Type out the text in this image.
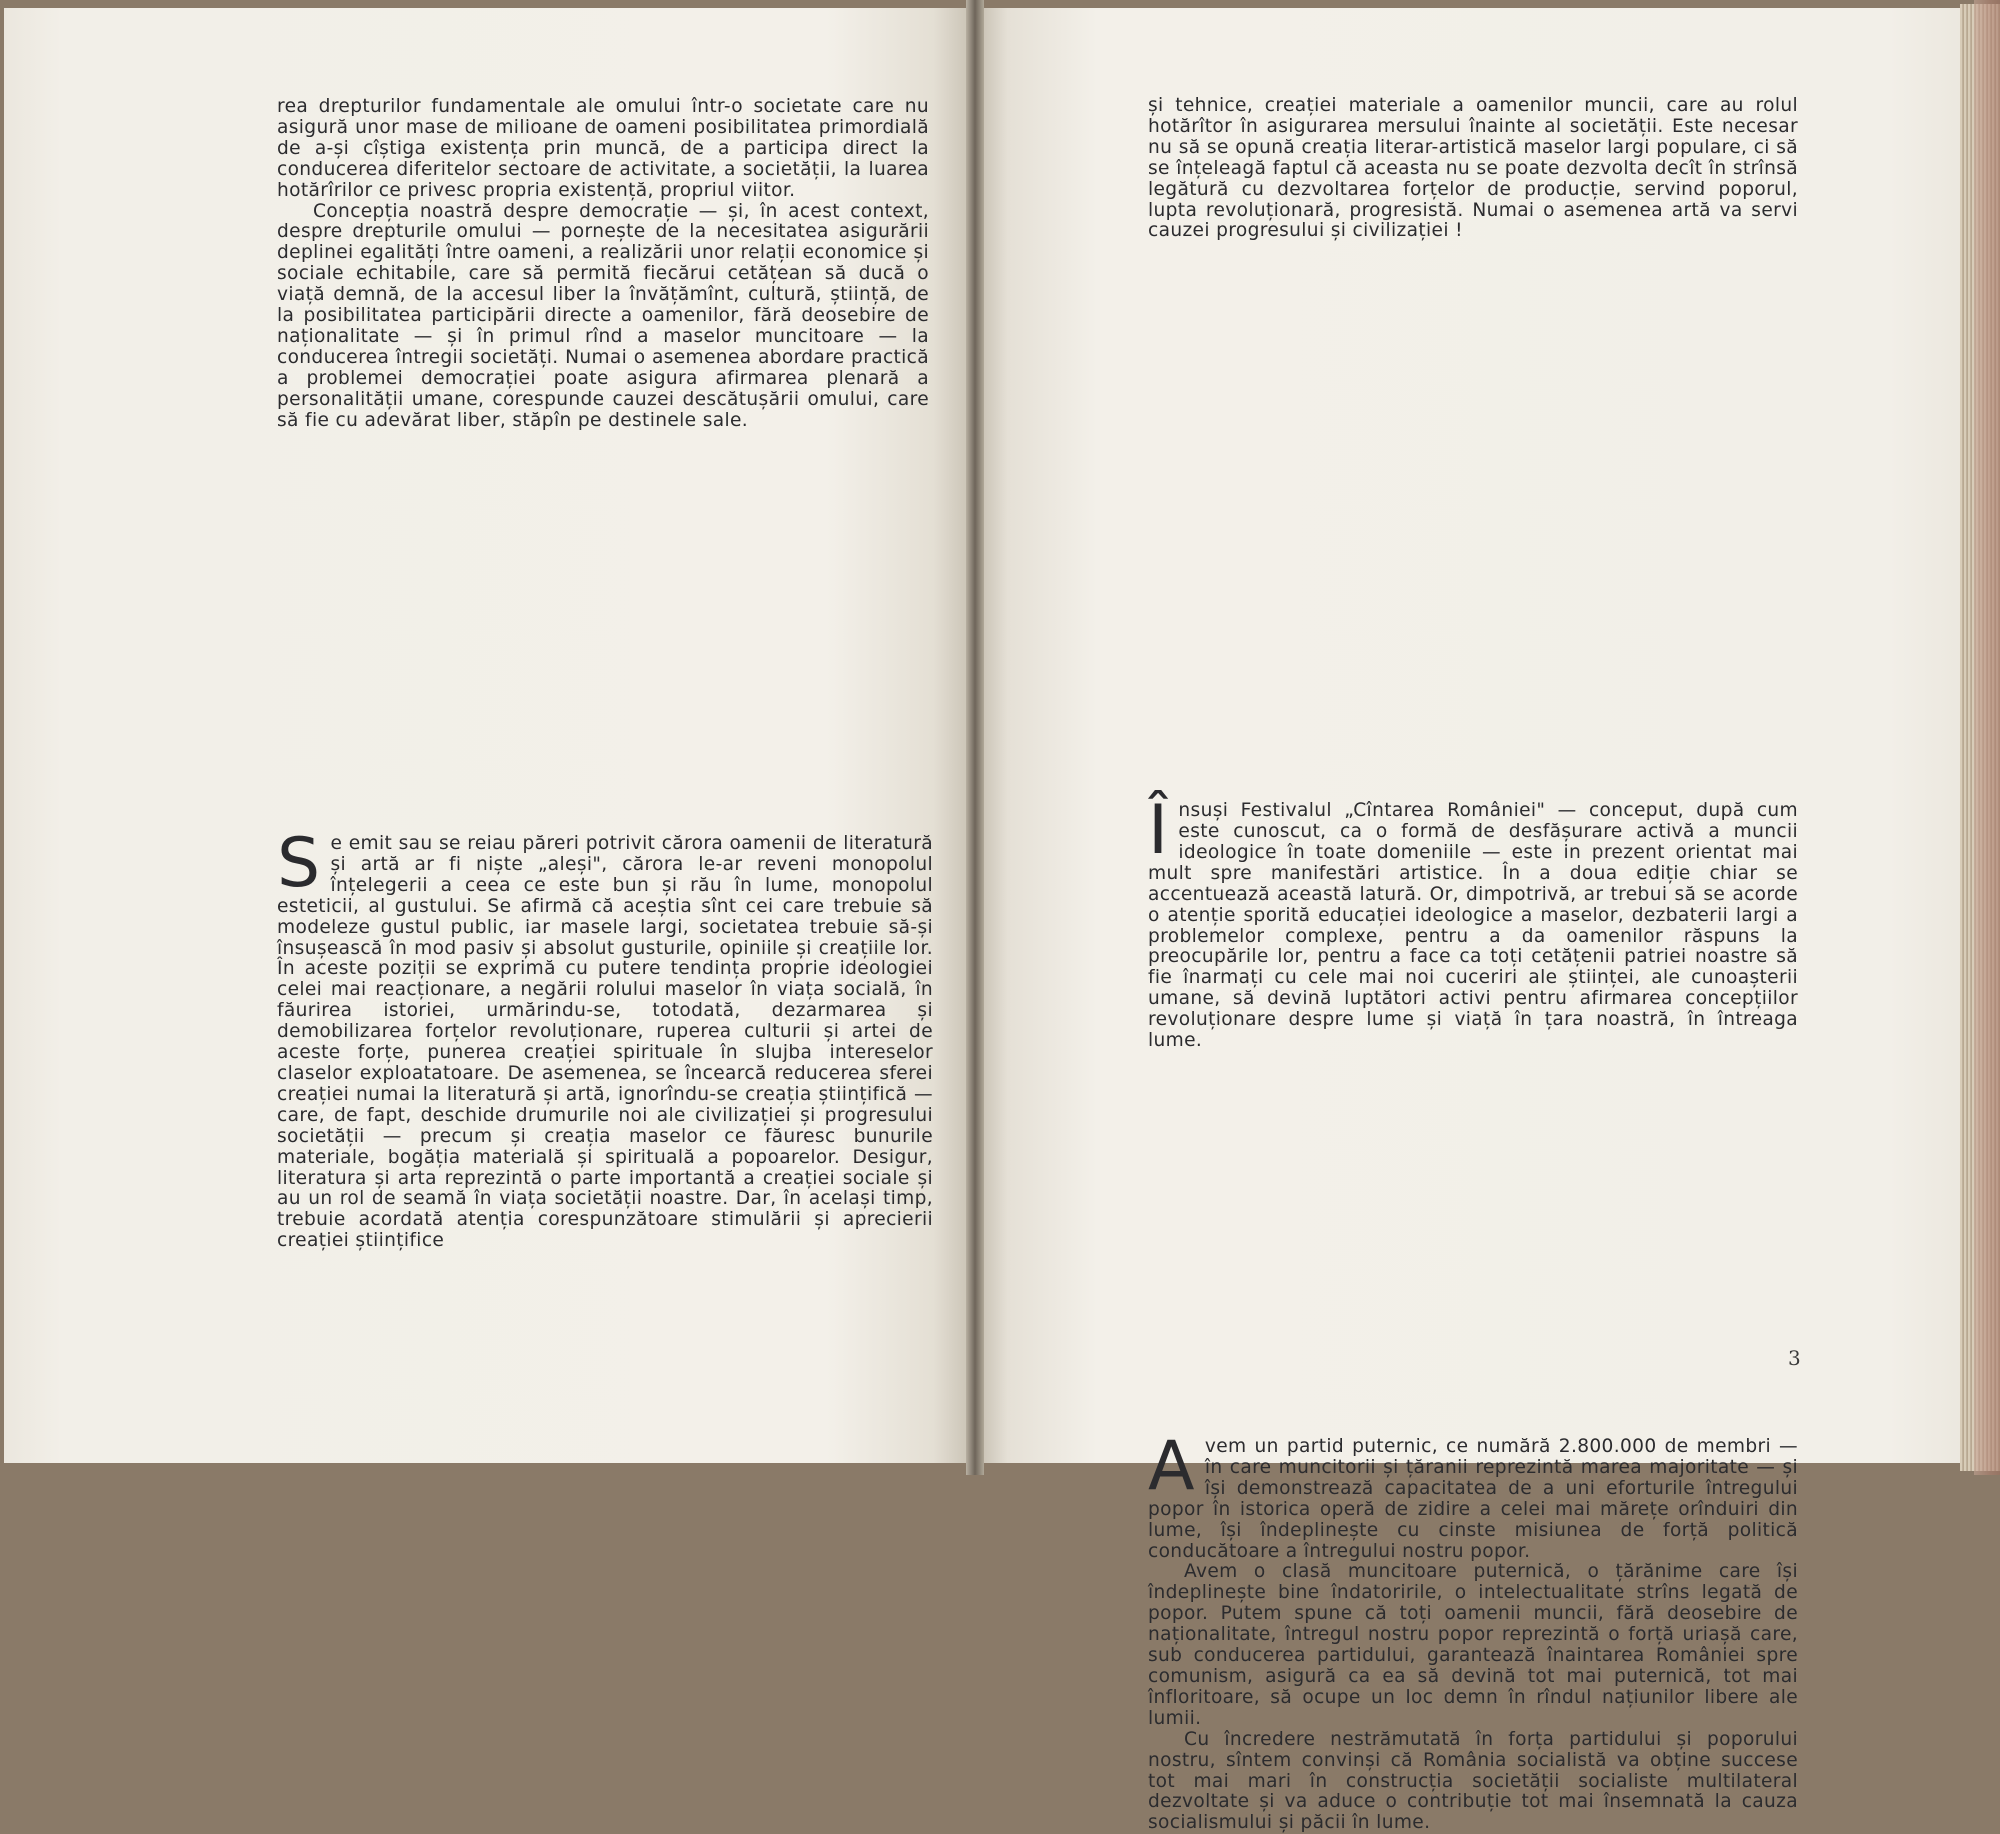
rea drepturilor fundamentale ale omului într-o societate care nu asigură unor mase de milioane de oameni posibilitatea primordială de a-și cîștiga existența prin muncă, de a participa direct la conducerea diferitelor sectoare de activitate, a societății, la luarea hotărîrilor ce privesc propria existență, propriul viitor.

Concepția noastră despre democrație — și, în acest context, despre drepturile omului — pornește de la necesitatea asigurării deplinei egalități între oameni, a realizării unor relații economice și sociale echitabile, care să permită fiecărui cetățean să ducă o viață demnă, de la accesul liber la învățămînt, cultură, știință, de la posibilitatea participării directe a oamenilor, fără deosebire de naționalitate — și în primul rînd a maselor muncitoare — la conducerea întregii societăți. Numai o asemenea abordare practică a problemei democrației poate asigura afirmarea plenară a personalității umane, corespunde cauzei descătușării omului, care să fie cu adevărat liber, stăpîn pe destinele sale.

Se emit sau se reiau păreri potrivit cărora oamenii de literatură și artă ar fi niște „aleși", cărora le-ar reveni monopolul înțelegerii a ceea ce este bun și rău în lume, monopolul esteticii, al gustului. Se afirmă că aceștia sînt cei care trebuie să modeleze gustul public, iar masele largi, societatea trebuie să-și însușească în mod pasiv și absolut gusturile, opiniile și creațiile lor. În aceste poziții se exprimă cu putere tendința proprie ideologiei celei mai reacționare, a negării rolului maselor în viața socială, în făurirea istoriei, urmărindu-se, totodată, dezarmarea și demobilizarea forțelor revoluționare, ruperea culturii și artei de aceste forțe, punerea creației spirituale în slujba intereselor claselor exploatatoare. De asemenea, se încearcă reducerea sferei creației numai la literatură și artă, ignorîndu-se creația științifică — care, de fapt, deschide drumurile noi ale civilizației și progresului societății — precum și creația maselor ce făuresc bunurile materiale, bogăția materială și spirituală a popoarelor. Desigur, literatura și arta reprezintă o parte importantă a creației sociale și au un rol de seamă în viața societății noastre. Dar, în același timp, trebuie acordată atenția corespunzătoare stimulării și aprecierii creației științifice

și tehnice, creației materiale a oamenilor muncii, care au rolul hotărîtor în asigurarea mersului înainte al societății. Este necesar nu să se opună creația literar-artistică maselor largi populare, ci să se înțeleagă faptul că aceasta nu se poate dezvolta decît în strînsă legătură cu dezvoltarea forțelor de producție, servind poporul, lupta revoluționară, progresistă. Numai o asemenea artă va servi cauzei progresului și civilizației !

Însuși Festivalul „Cîntarea României" — conceput, după cum este cunoscut, ca o formă de desfășurare activă a muncii ideologice în toate domeniile — este in prezent orientat mai mult spre manifestări artistice. În a doua ediție chiar se accentuează această latură. Or, dimpotrivă, ar trebui să se acorde o atenție sporită educației ideologice a maselor, dezbaterii largi a problemelor complexe, pentru a da oamenilor răspuns la preocupările lor, pentru a face ca toți cetățenii patriei noastre să fie înarmați cu cele mai noi cuceriri ale științei, ale cunoașterii umane, să devină luptători activi pentru afirmarea concepțiilor revoluționare despre lume și viață în țara noastră, în întreaga lume.

Avem un partid puternic, ce numără 2.800.000 de membri — în care muncitorii și țăranii reprezintă marea majoritate — și își demonstrează capacitatea de a uni eforturile întregului popor în istorica operă de zidire a celei mai mărețe orînduiri din lume, își îndeplinește cu cinste misiunea de forță politică conducătoare a întregului nostru popor.

Avem o clasă muncitoare puternică, o țărănime care își îndeplinește bine îndatoririle, o intelectualitate strîns legată de popor. Putem spune că toți oamenii muncii, fără deosebire de naționalitate, întregul nostru popor reprezintă o forță uriașă care, sub conducerea partidului, garantează înaintarea României spre comunism, asigură ca ea să devină tot mai puternică, tot mai înfloritoare, să ocupe un loc demn în rîndul națiunilor libere ale lumii.

Cu încredere nestrămutată în forța partidului și poporului nostru, sîntem convinși că România socialistă va obține succese tot mai mari în construcția societății socialiste multilateral dezvoltate și va aduce o contribuție tot mai însemnată la cauza socialismului și păcii în lume.

3
